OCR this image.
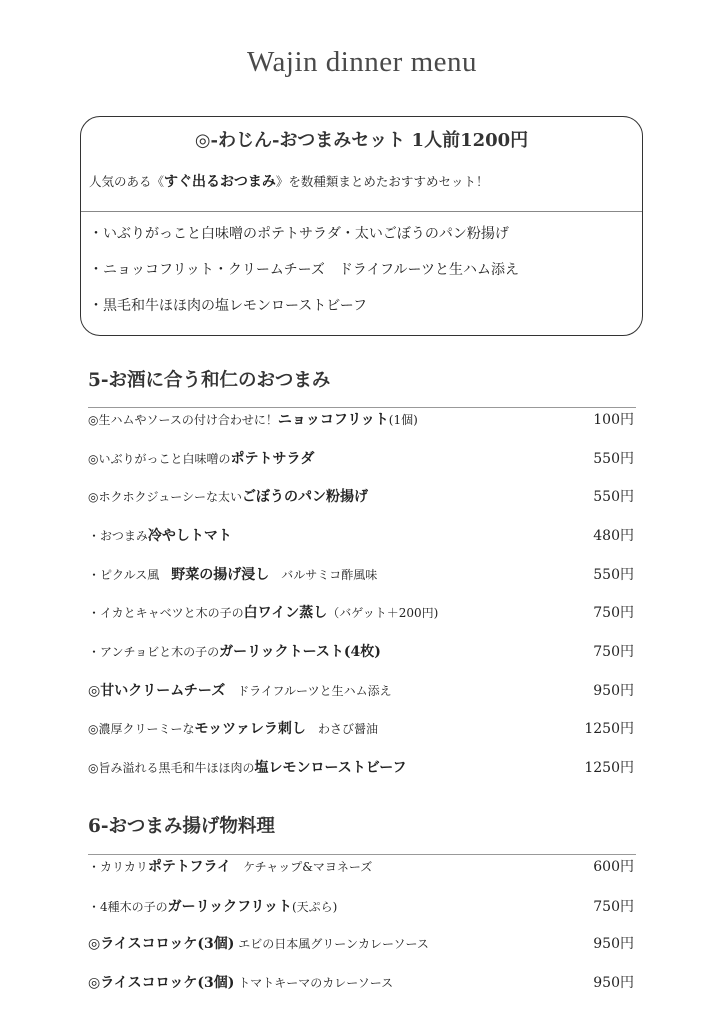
Wajin dinner menu
◎-わじん-おつまみセット 1人前1200円
人気のある《すぐ出るおつまみ》を数種類まとめたおすすめセット！
・いぶりがっこと白味噌のポテトサラダ・太いごぼうのパン粉揚げ
・ニョッコフリット・クリームチーズ　ドライフルーツと生ハム添え
・黒毛和牛ほほ肉の塩レモンローストビーフ
5-お酒に合う和仁のおつまみ
◎生ハムやソースの付け合わせに！ニョッコフリット(1個)	100円
◎いぶりがっこと白味噌のポテトサラダ	550円
◎ホクホクジューシーな太いごぼうのパン粉揚げ	550円
・おつまみ冷やしトマト	480円
・ピクルス風　野菜の揚げ浸し　バルサミコ酢風味	550円
・イカとキャベツと木の子の白ワイン蒸し（バゲット＋200円)	750円
・アンチョビと木の子のガーリックトースト(4枚)	750円
◎甘いクリームチーズ　ドライフルーツと生ハム添え	950円
◎濃厚クリーミーなモッツァレラ刺し　わさび醤油	1250円
◎旨み溢れる黒毛和牛ほほ肉の塩レモンローストビーフ	1250円
6-おつまみ揚げ物料理
・カリカリポテトフライ　ケチャップ&マヨネーズ	600円
・4種木の子のガーリックフリット(天ぷら)	750円
◎ライスコロッケ(3個) エビの日本風グリーンカレーソース	950円
◎ライスコロッケ(3個) トマトキーマのカレーソース	950円
